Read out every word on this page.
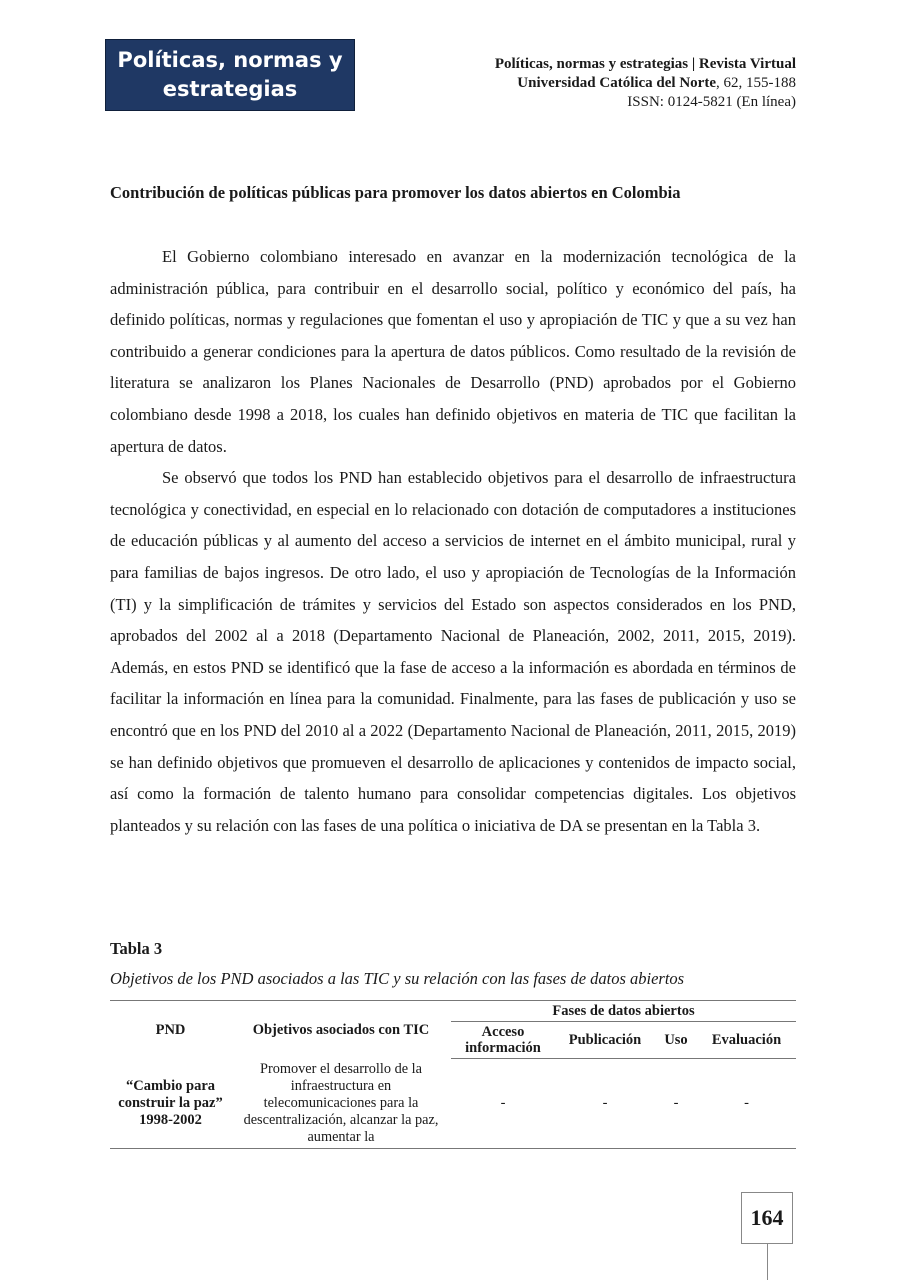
Políticas, normas y
estrategias
Políticas, normas y estrategias | Revista Virtual
Universidad Católica del Norte, 62, 155-188
ISSN: 0124-5821 (En línea)
Contribución de políticas públicas para promover los datos abiertos en Colombia

El Gobierno colombiano interesado en avanzar en la modernización tecnológica de la administración pública, para contribuir en el desarrollo social, político y económico del país, ha definido políticas, normas y regulaciones que fomentan el uso y apropiación de TIC y que a su vez han contribuido a generar condiciones para la apertura de datos públicos. Como resultado de la revisión de literatura se analizaron los Planes Nacionales de Desarrollo (PND) aprobados por el Gobierno colombiano desde 1998 a 2018, los cuales han definido objetivos en materia de TIC que facilitan la apertura de datos.

Se observó que todos los PND han establecido objetivos para el desarrollo de infraestructura tecnológica y conectividad, en especial en lo relacionado con dotación de computadores a instituciones de educación públicas y al aumento del acceso a servicios de internet en el ámbito municipal, rural y para familias de bajos ingresos. De otro lado, el uso y apropiación de Tecnologías de la Información (TI) y la simplificación de trámites y servicios del Estado son aspectos considerados en los PND, aprobados del 2002 al a 2018 (Departamento Nacional de Planeación, 2002, 2011, 2015, 2019). Además, en estos PND se identificó que la fase de acceso a la información es abordada en términos de facilitar la información en línea para la comunidad. Finalmente, para las fases de publicación y uso se encontró que en los PND del 2010 al a 2022 (Departamento Nacional de Planeación, 2011, 2015, 2019) se han definido objetivos que promueven el desarrollo de aplicaciones y contenidos de impacto social, así como la formación de talento humano para consolidar competencias digitales. Los objetivos planteados y su relación con las fases de una política o iniciativa de DA se presentan en la Tabla 3.

Tabla 3
Objetivos de los PND asociados a las TIC y su relación con las fases de datos abiertos
PND	Objetivos asociados con TIC	Fases de datos abiertos			
		Acceso información	Publicación	Uso	Evaluación

“Cambio para construir la paz”
1998-2002	Promover el desarrollo de la infraestructura en telecomunicaciones para la descentralización, alcanzar la paz, aumentar la	-	-	-	-
164
